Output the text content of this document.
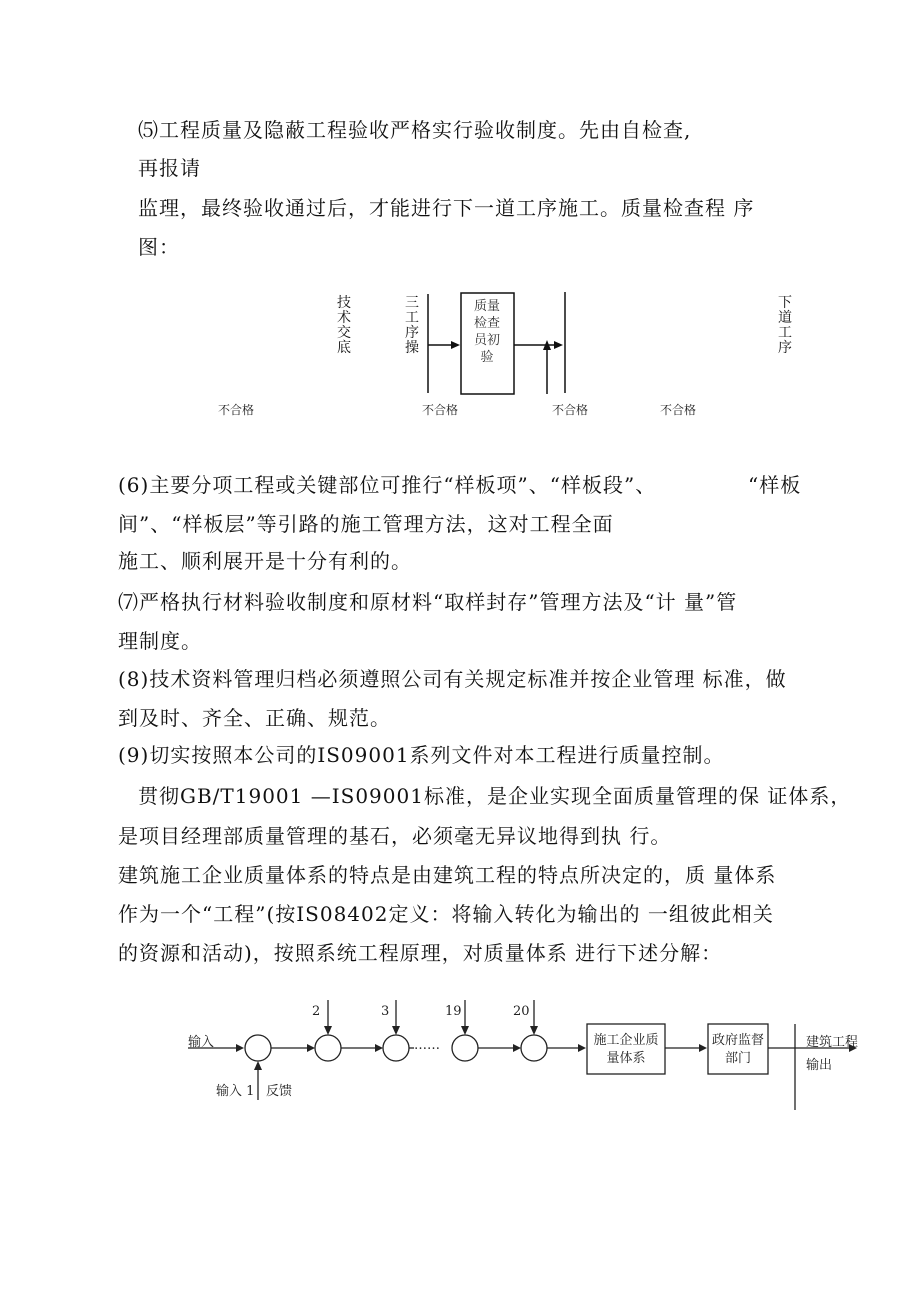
⑸工程质量及隐蔽工程验收严格实行验收制度。先由自检查,
再报请
监理，最终验收通过后，才能进行下一道工序施工。质量检查程 序
图：
技术交底
三工序操
质量检查员初验
下道工序
不合格	不合格	不合格	不合格
(6)主要分项工程或关键部位可推行“样板项”、“样板段”、	“样板
间”、“样板层”等引路的施工管理方法，这对工程全面
施工、顺利展开是十分有利的。
⑺严格执行材料验收制度和原材料“取样封存”管理方法及“计 量”管
理制度。
(8)技术资料管理归档必须遵照公司有关规定标准并按企业管理 标准，做
到及时、齐全、正确、规范。
(9)切实按照本公司的IS09001系列文件对本工程进行质量控制。
贯彻GB/T19001 —IS09001标准，是企业实现全面质量管理的保 证体系，
是项目经理部质量管理的基石，必须毫无异议地得到执 行。
建筑施工企业质量体系的特点是由建筑工程的特点所决定的，质 量体系
作为一个“工程”(按IS08402定义：将输入转化为输出的 一组彼此相关
的资源和活动)，按照系统工程原理，对质量体系 进行下述分解：
输入
输入 1 反馈
2	3
……
19	20
施工企业质量体系
政府监督部门
建筑工程
输出
